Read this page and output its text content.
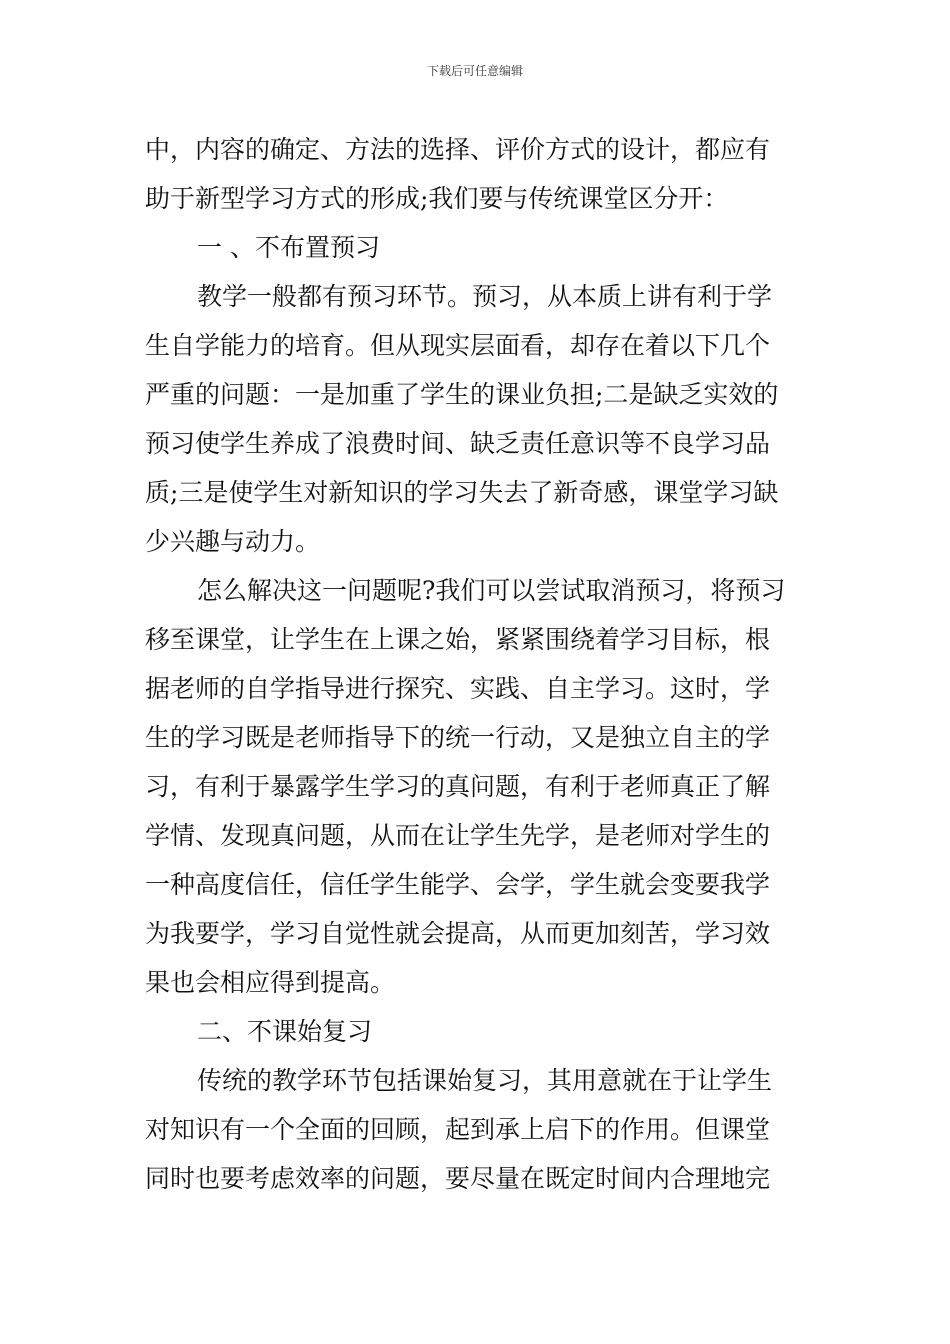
下载后可任意编辑
中，内容的确定、方法的选择、评价方式的设计，都应有
助于新型学习方式的形成;我们要与传统课堂区分开：
一 、不布置预习
教学一般都有预习环节。预习，从本质上讲有利于学
生自学能力的培育。但从现实层面看，却存在着以下几个
严重的问题：一是加重了学生的课业负担;二是缺乏实效的
预习使学生养成了浪费时间、缺乏责任意识等不良学习品
质;三是使学生对新知识的学习失去了新奇感，课堂学习缺
少兴趣与动力。
怎么解决这一问题呢?我们可以尝试取消预习，将预习
移至课堂，让学生在上课之始，紧紧围绕着学习目标，根
据老师的自学指导进行探究、实践、自主学习。这时，学
生的学习既是老师指导下的统一行动，又是独立自主的学
习，有利于暴露学生学习的真问题，有利于老师真正了解
学情、发现真问题，从而在让学生先学，是老师对学生的
一种高度信任，信任学生能学、会学，学生就会变要我学
为我要学，学习自觉性就会提高，从而更加刻苦，学习效
果也会相应得到提高。
二、不课始复习
传统的教学环节包括课始复习，其用意就在于让学生
对知识有一个全面的回顾，起到承上启下的作用。但课堂
同时也要考虑效率的问题，要尽量在既定时间内合理地完
